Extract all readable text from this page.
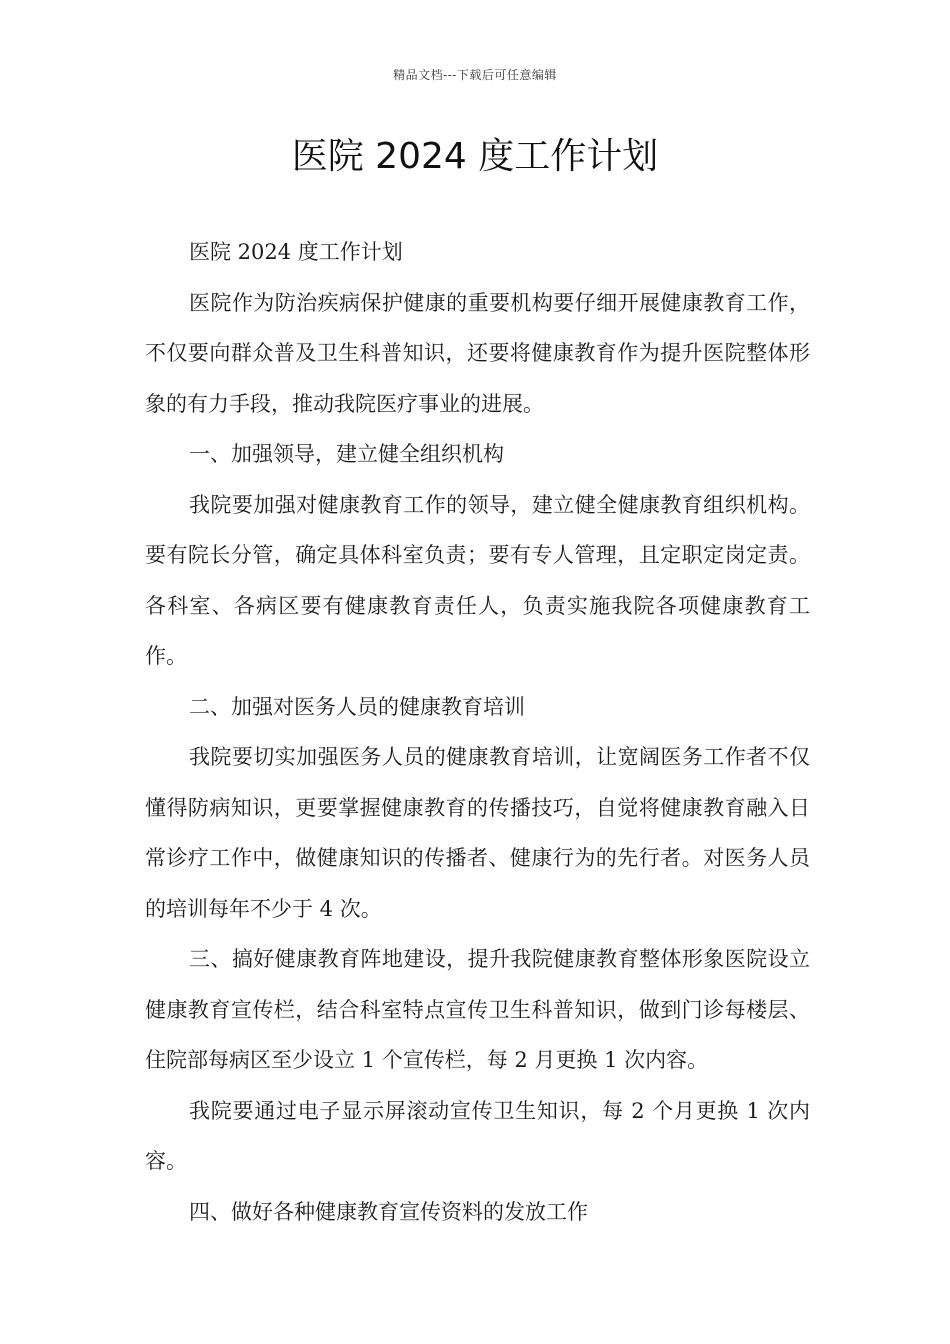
精品文档---下载后可任意编辑
医院 2024 度工作计划

医院 2024 度工作计划

医院作为防治疾病保护健康的重要机构要仔细开展健康教育工作，不仅要向群众普及卫生科普知识，还要将健康教育作为提升医院整体形象的有力手段，推动我院医疗事业的进展。

一、加强领导，建立健全组织机构

我院要加强对健康教育工作的领导，建立健全健康教育组织机构。要有院长分管，确定具体科室负责；要有专人管理，且定职定岗定责。各科室、各病区要有健康教育责任人，负责实施我院各项健康教育工作。

二、加强对医务人员的健康教育培训

我院要切实加强医务人员的健康教育培训，让宽阔医务工作者不仅懂得防病知识，更要掌握健康教育的传播技巧，自觉将健康教育融入日常诊疗工作中，做健康知识的传播者、健康行为的先行者。对医务人员的培训每年不少于 4 次。

三、搞好健康教育阵地建设，提升我院健康教育整体形象医院设立健康教育宣传栏，结合科室特点宣传卫生科普知识，做到门诊每楼层、住院部每病区至少设立 1 个宣传栏，每 2 月更换 1 次内容。

我院要通过电子显示屏滚动宣传卫生知识，每 2 个月更换 1 次内容。

四、做好各种健康教育宣传资料的发放工作
